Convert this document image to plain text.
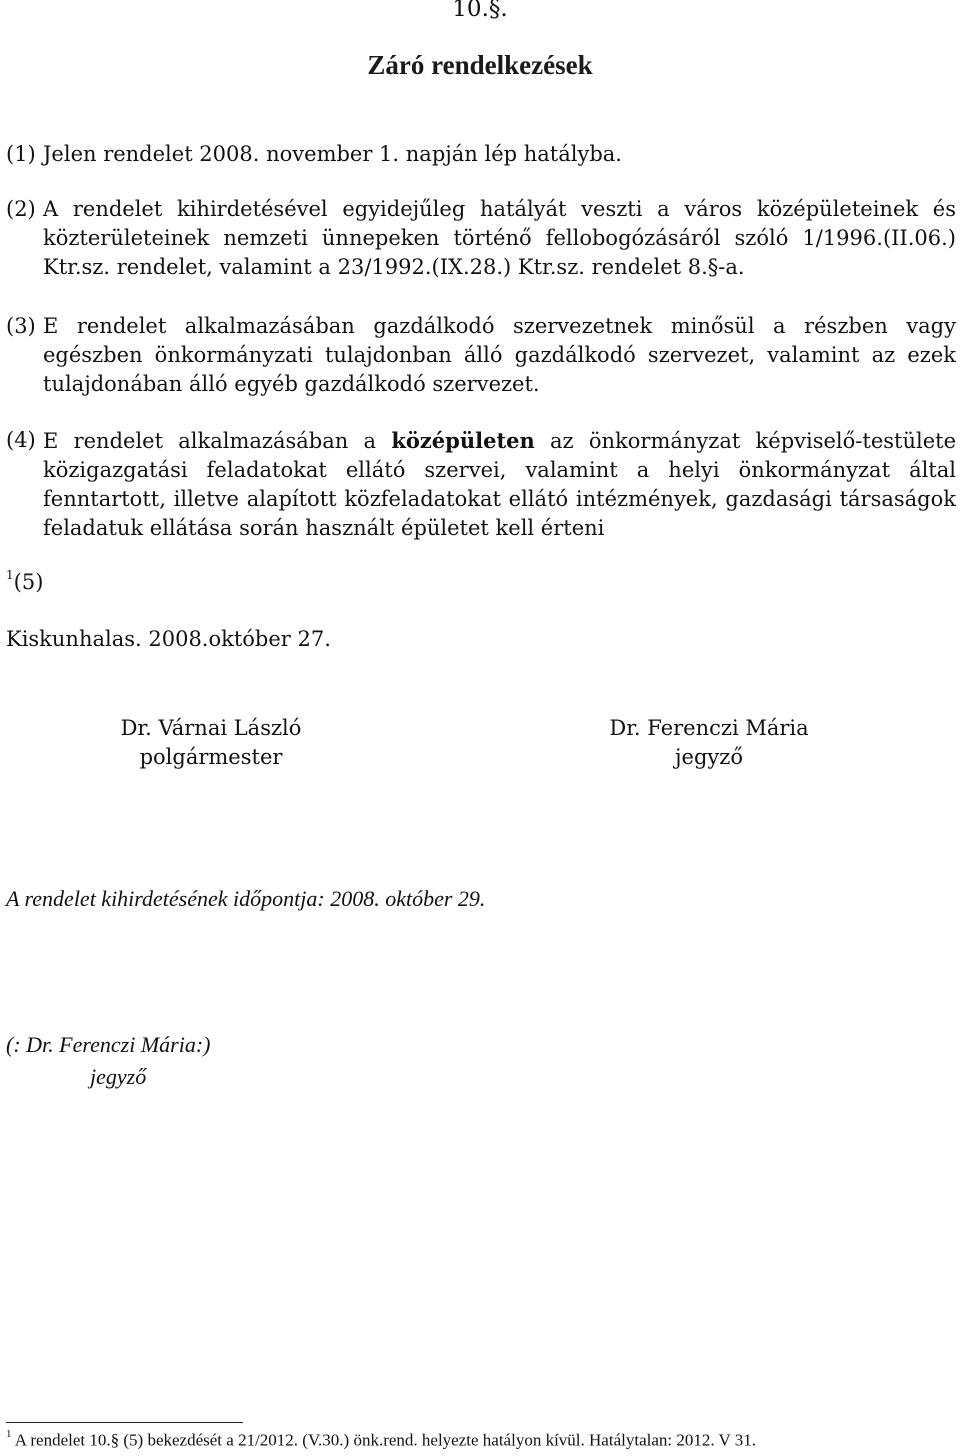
10.§.
Záró rendelkezések
(1) Jelen rendelet 2008. november 1. napján lép hatályba.
(2) A rendelet kihirdetésével egyidejűleg hatályát veszti a város középületeinek és közterületeinek nemzeti ünnepeken történő fellobogózásáról szóló 1/1996.(II.06.) Ktr.sz. rendelet, valamint a 23/1992.(IX.28.) Ktr.sz. rendelet 8.§-a.
(3) E rendelet alkalmazásában gazdálkodó szervezetnek minősül a részben vagy egészben önkormányzati tulajdonban álló gazdálkodó szervezet, valamint az ezek tulajdonában álló egyéb gazdálkodó szervezet.
(4) E rendelet alkalmazásában a középületen az önkormányzat képviselő-testülete közigazgatási feladatokat ellátó szervei, valamint a helyi önkormányzat által fenntartott, illetve alapított közfeladatokat ellátó intézmények, gazdasági társaságok feladatuk ellátása során használt épületet kell érteni
$^1$(5)
Kiskunhalas. 2008.október 27.
Dr. Várnai László
polgármester
Dr. Ferenczi Mária
jegyző
A rendelet kihirdetésének időpontja: 2008. október 29.
(: Dr. Ferenczi Mária:)
jegyző
$^1$ A rendelet 10.§ (5) bekezdését a 21/2012. (V.30.) önk.rend. helyezte hatályon kívül. Hatálytalan: 2012. V 31.
